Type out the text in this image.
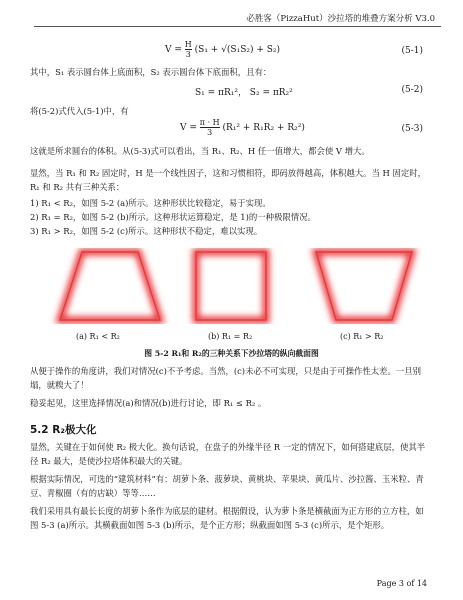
必胜客（PizzaHut）沙拉塔的堆叠方案分析 V3.0
$V = \frac{H}{3} (S_1 + √(S_1S_2) + S_2)$	(5-1)
其中，S₁ 表示圆台体上底面积，S₂ 表示圆台体下底面积，且有：
S₁ = πR₁²， S₂ = πR₂²	(5-2)
将(5-2)式代入(5-1)中，有
$V = \frac{\pi \cdot H}{3} (R_1^2 + R_1R_2 + R_2^2)$	(5-3)
这就是所求圆台的体积。从(5-3)式可以看出，当 R₁、R₂、H 任一值增大，都会使 V 增大。
显然，当 R₁ 和 R₂ 固定时，H 是一个线性因子，这和习惯相符，即码放得越高，体积越大。当 H 固定时，R₁ 和 R₂ 共有三种关系：
1) R₁ < R₂，如图 5-2 (a)所示。这种形状比较稳定，易于实现。
2) R₁ = R₂，如图 5-2 (b)所示。这种形状运算稳定，是 1)的一种极限情况。
3) R₁ > R₂，如图 5-2 (c)所示。这种形状不稳定，难以实现。
(a) R₁ < R₂	(b) R₁ = R₂	(c) R₁ > R₂
图 5-2 R₁和 R₂的三种关系下沙拉塔的纵向截面图
从便于操作的角度讲，我们对情况(c)不予考虑。当然，(c)未必不可实现，只是由于可操作性太差。一旦别塌，就糗大了！
稳妥起见，这里选择情况(a)和情况(b)进行讨论，即 R₁ ≤ R₂ 。
5.2 R₂极大化
显然，关键在于如何使 R₂ 极大化。换句话说，在盘子的外缘半径 R 一定的情况下，如何搭建底层，使其半径 R₂ 最大，是使沙拉塔体积最大的关键。
根据实际情况，可选的“建筑材料”有：胡萝卜条、菠萝块、黄桃块、苹果块、黄瓜片、沙拉酱、玉米粒、青豆、青椒圈（有的店缺）等等……
我们采用具有最长长度的胡萝卜条作为底层的建材。根据假设，认为萝卜条是横截面为正方形的立方柱，如图 5-3 (a)所示。其横截面如图 5-3 (b)所示，是个正方形；纵截面如图 5-3 (c)所示，是个矩形。
Page 3 of 14
